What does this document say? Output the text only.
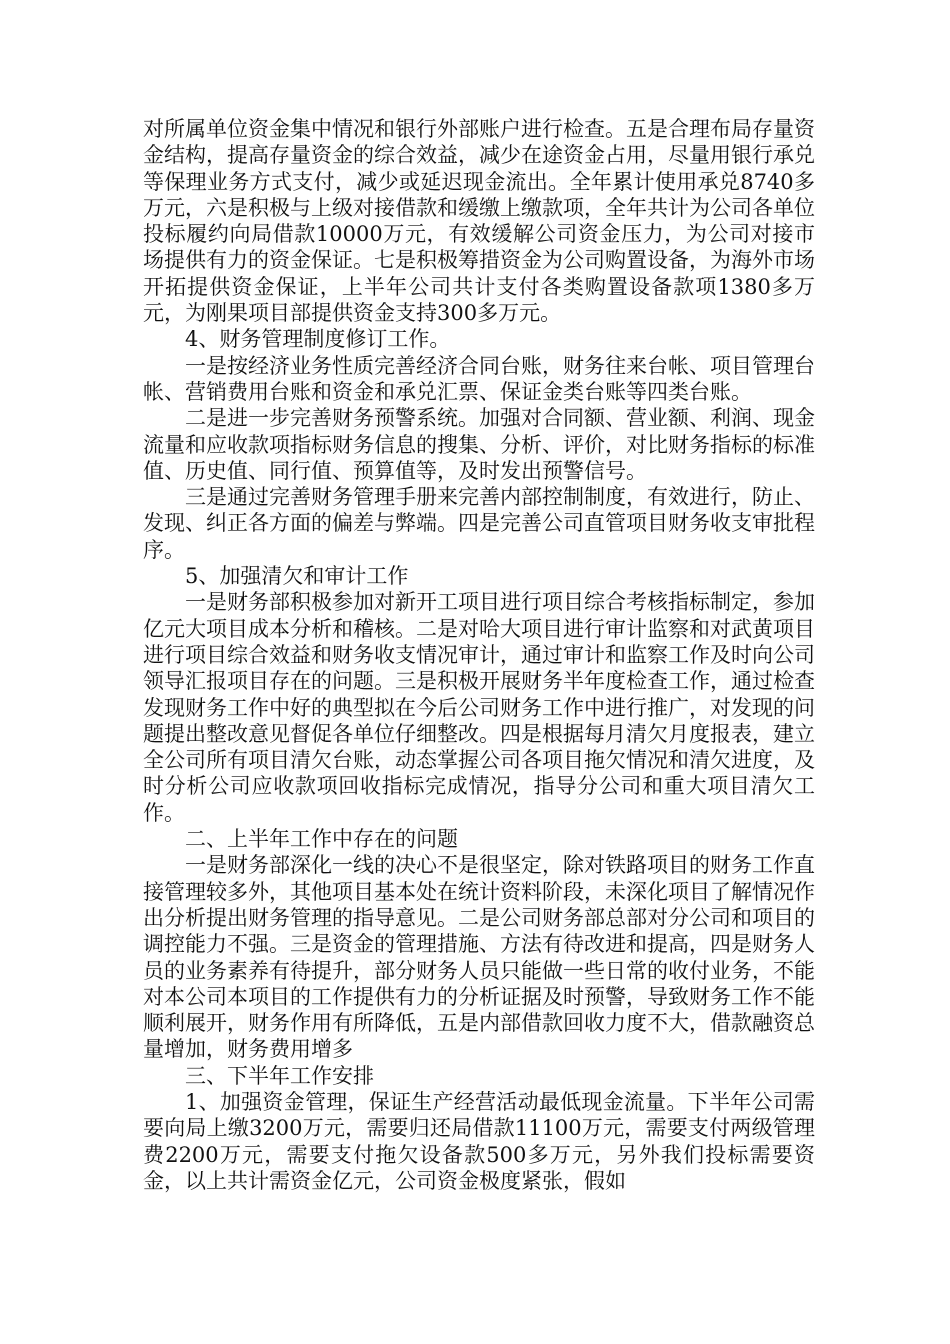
对所属单位资金集中情况和银行外部账户进行检查。五是合理布局存量资金结构，提高存量资金的综合效益，减少在途资金占用，尽量用银行承兑等保理业务方式支付，减少或延迟现金流出。全年累计使用承兑8740多万元，六是积极与上级对接借款和缓缴上缴款项，全年共计为公司各单位投标履约向局借款10000万元，有效缓解公司资金压力，为公司对接市场提供有力的资金保证。七是积极筹措资金为公司购置设备，为海外市场开拓提供资金保证，上半年公司共计支付各类购置设备款项1380多万元，为刚果项目部提供资金支持300多万元。

4、财务管理制度修订工作。

一是按经济业务性质完善经济合同台账，财务往来台帐、项目管理台帐、营销费用台账和资金和承兑汇票、保证金类台账等四类台账。

二是进一步完善财务预警系统。加强对合同额、营业额、利润、现金流量和应收款项指标财务信息的搜集、分析、评价，对比财务指标的标准值、历史值、同行值、预算值等，及时发出预警信号。

三是通过完善财务管理手册来完善内部控制制度，有效进行，防止、发现、纠正各方面的偏差与弊端。四是完善公司直管项目财务收支审批程序。

5、加强清欠和审计工作

一是财务部积极参加对新开工项目进行项目综合考核指标制定，参加亿元大项目成本分析和稽核。二是对哈大项目进行审计监察和对武黄项目进行项目综合效益和财务收支情况审计，通过审计和监察工作及时向公司领导汇报项目存在的问题。三是积极开展财务半年度检查工作，通过检查发现财务工作中好的典型拟在今后公司财务工作中进行推广，对发现的问题提出整改意见督促各单位仔细整改。四是根据每月清欠月度报表，建立全公司所有项目清欠台账，动态掌握公司各项目拖欠情况和清欠进度，及时分析公司应收款项回收指标完成情况，指导分公司和重大项目清欠工作。

二、上半年工作中存在的问题

一是财务部深化一线的决心不是很坚定，除对铁路项目的财务工作直接管理较多外，其他项目基本处在统计资料阶段，未深化项目了解情况作出分析提出财务管理的指导意见。二是公司财务部总部对分公司和项目的调控能力不强。三是资金的管理措施、方法有待改进和提高，四是财务人员的业务素养有待提升，部分财务人员只能做一些日常的收付业务，不能对本公司本项目的工作提供有力的分析证据及时预警，导致财务工作不能顺利展开，财务作用有所降低，五是内部借款回收力度不大，借款融资总量增加，财务费用增多

三、下半年工作安排

1、加强资金管理，保证生产经营活动最低现金流量。下半年公司需要向局上缴3200万元，需要归还局借款11100万元，需要支付两级管理费2200万元，需要支付拖欠设备款500多万元，另外我们投标需要资金，以上共计需资金亿元，公司资金极度紧张，假如
